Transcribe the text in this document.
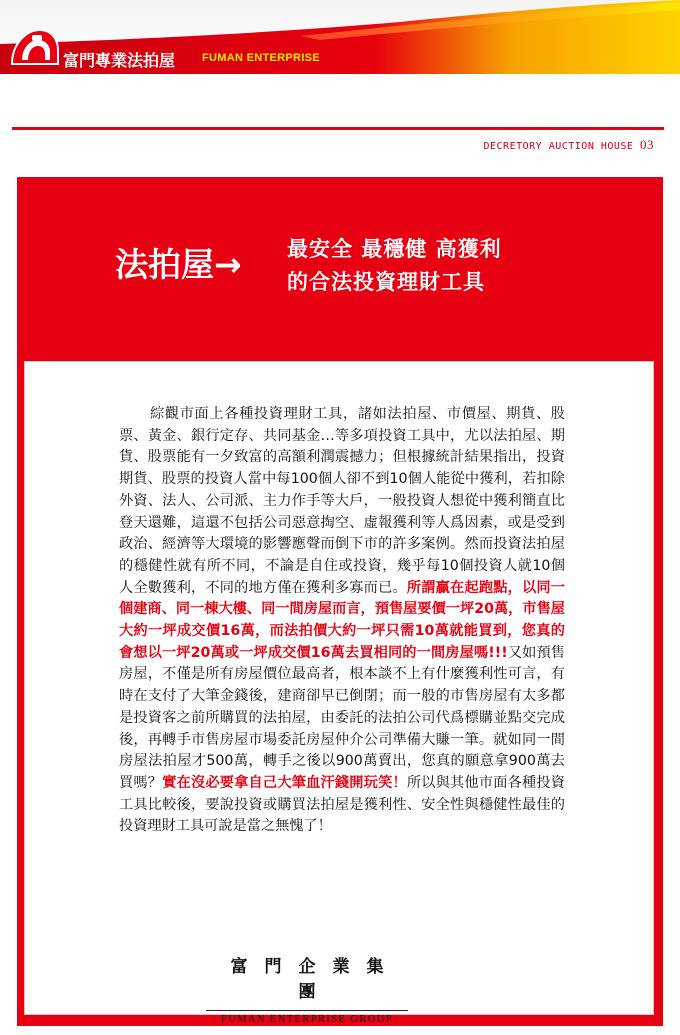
富門專業法拍屋 FUMAN ENTERPRISE
DECRETORY AUCTION HOUSE 03
法拍屋→ 最安全 最穩健 高獲利
的合法投資理財工具
綜觀市面上各種投資理財工具，諸如法拍屋、市價屋、期貨、股票、黃金、銀行定存、共同基金…等多項投資工具中，尤以法拍屋、期貨、股票能有一夕致富的高額利潤震撼力；但根據統計結果指出，投資期貨、股票的投資人當中每100個人卻不到10個人能從中獲利，若扣除外資、法人、公司派、主力作手等大戶，一般投資人想從中獲利簡直比登天還難，這還不包括公司惡意掏空、虛報獲利等人爲因素，或是受到政治、經濟等大環境的影響應聲而倒下市的許多案例。然而投資法拍屋的穩健性就有所不同，不論是自住或投資，幾乎每10個投資人就10個人全數獲利，不同的地方僅在獲利多寡而已。所謂贏在起跑點，以同一個建商、同一棟大樓、同一間房屋而言，預售屋要價一坪20萬，市售屋大約一坪成交價16萬，而法拍價大約一坪只需10萬就能買到，您真的會想以一坪20萬或一坪成交價16萬去買相同的一間房屋嗎!!!又如預售房屋，不僅是所有房屋價位最高者，根本談不上有什麼獲利性可言，有時在支付了大筆金錢後，建商卻早已倒閉；而一般的市售房屋有太多都是投資客之前所購買的法拍屋，由委託的法拍公司代爲標購並點交完成後，再轉手市售房屋市場委託房屋仲介公司準備大賺一筆。就如同一間房屋法拍屋才500萬，轉手之後以900萬賣出，您真的願意拿900萬去買嗎？實在沒必要拿自己大筆血汗錢開玩笑！所以與其他市面各種投資工具比較後，要說投資或購買法拍屋是獲利性、安全性與穩健性最佳的投資理財工具可說是當之無愧了！

富門企業集團

FUMAN ENTERPRISE GROUP
